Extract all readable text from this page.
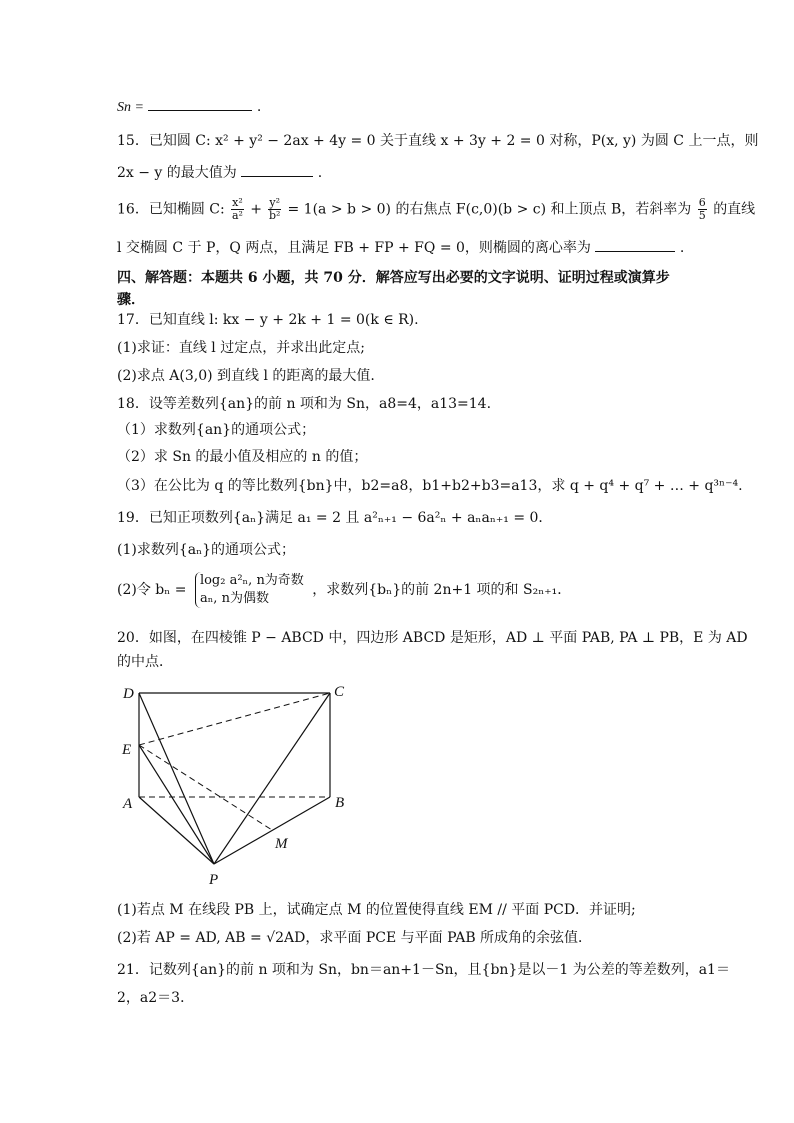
Sn =	.
15．已知圆 C: x² + y² − 2ax + 4y = 0 关于直线 x + 3y + 2 = 0 对称，P(x, y) 为圆 C 上一点，则
2x − y 的最大值为	.
16．已知椭圆 C: $\frac{\text{x²}}{\text{a²}} + \frac{\text{y²}}{\text{b²}} = 1(a > b > 0)$ 的右焦点 F(c,0)(b > c) 和上顶点 B，若斜率为 $\frac{6}{5}$ 的直线
l 交椭圆 C 于 P，Q 两点，且满足 FB + FP + FQ = 0，则椭圆的离心率为	.
四、解答题：本题共 6 小题，共 70 分．解答应写出必要的文字说明、证明过程或演算步
骤．
17．已知直线 l: kx − y + 2k + 1 = 0(k ∈ R).
(1)求证：直线 l 过定点，并求出此定点;
(2)求点 A(3,0) 到直线 l 的距离的最大值.
18．设等差数列{an}的前 n 项和为 Sn，a8=4，a13=14.
（1）求数列{an}的通项公式；
（2）求 Sn 的最小值及相应的 n 的值；
（3）在公比为 q 的等比数列{bn}中，b2=a8，b1+b2+b3=a13，求 q + q⁴ + q⁷ + … + q³ⁿ⁻⁴.
19．已知正项数列{aₙ}满足 a₁ = 2 且 a²ₙ₊₁ − 6a²ₙ + aₙaₙ₊₁ = 0．
(1)求数列{aₙ}的通项公式；
(2)令 bₙ =
log₂ a²ₙ, n为奇数
aₙ, n为偶数
，求数列{bₙ}的前 2n+1 项的和 S₂ₙ₊₁．
20．如图，在四棱锥 P − ABCD 中，四边形 ABCD 是矩形，AD ⊥ 平面 PAB, PA ⊥ PB，E 为 AD
的中点．
D	C
E
A	B
M
P
(1)若点 M 在线段 PB 上，试确定点 M 的位置使得直线 EM // 平面 PCD．并证明;
(2)若 AP = AD, AB = √2AD，求平面 PCE 与平面 PAB 所成角的余弦值．
21．记数列{an}的前 n 项和为 Sn，bn＝an+1－Sn，且{bn}是以－1 为公差的等差数列，a1＝
2，a2＝3．
